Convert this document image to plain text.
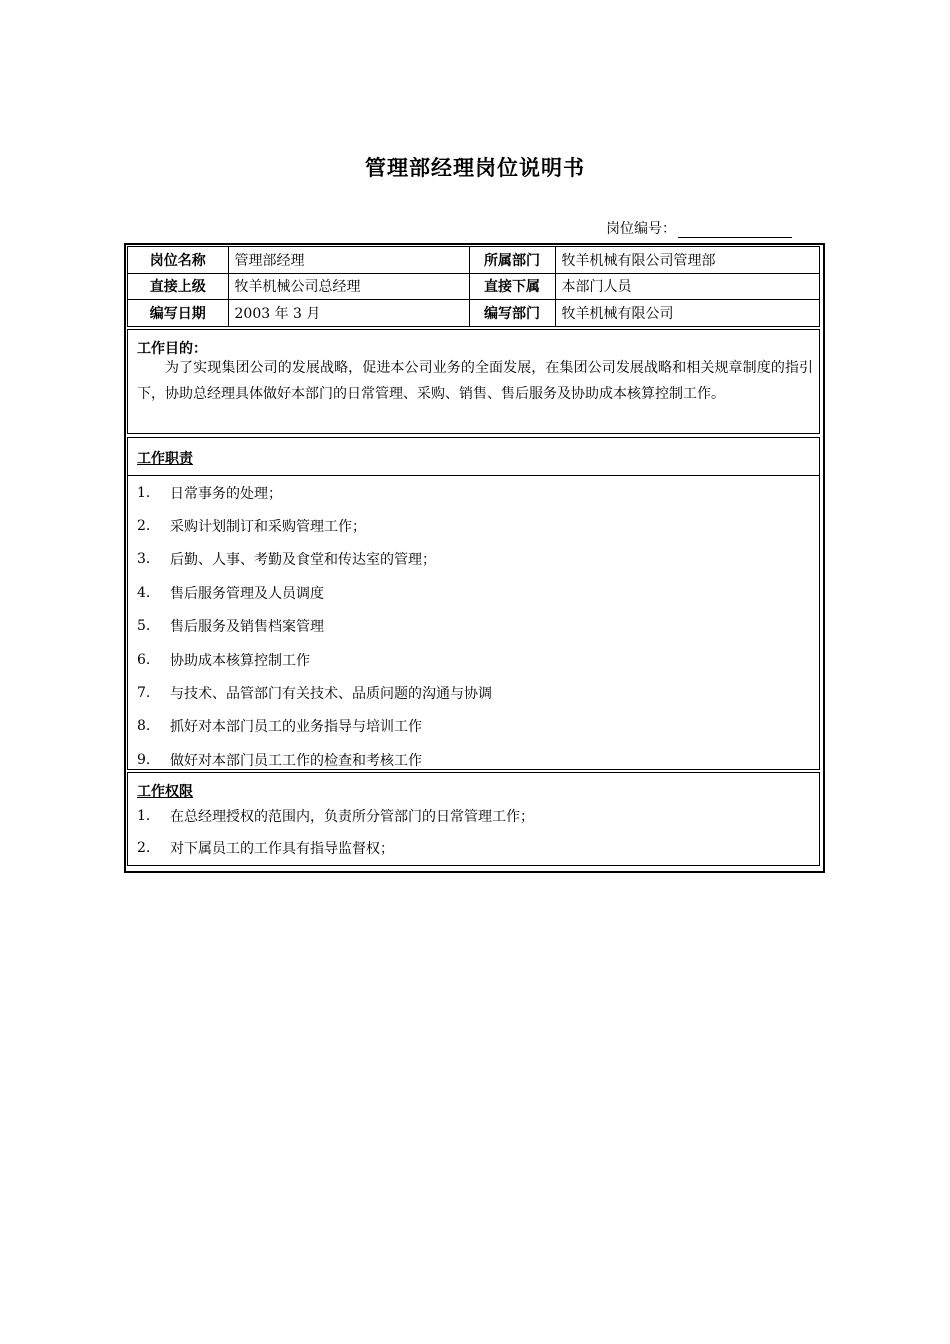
管理部经理岗位说明书
岗位编号：
岗位名称	管理部经理	所属部门	牧羊机械有限公司管理部
直接上级	牧羊机械公司总经理	直接下属	本部门人员
编写日期	2003 年 3 月	编写部门	牧羊机械有限公司
工作目的：
为了实现集团公司的发展战略，促进本公司业务的全面发展，在集团公司发展战略和相关规章制度的指引下，协助总经理具体做好本部门的日常管理、采购、销售、售后服务及协助成本核算控制工作。
工作职责
1.	日常事务的处理；
2.	采购计划制订和采购管理工作；
3.	后勤、人事、考勤及食堂和传达室的管理；
4.	售后服务管理及人员调度
5.	售后服务及销售档案管理
6.	协助成本核算控制工作
7.	与技术、品管部门有关技术、品质问题的沟通与协调
8.	抓好对本部门员工的业务指导与培训工作
9.	做好对本部门员工工作的检查和考核工作
工作权限
1.	在总经理授权的范围内，负责所分管部门的日常管理工作；
2.	对下属员工的工作具有指导监督权；
